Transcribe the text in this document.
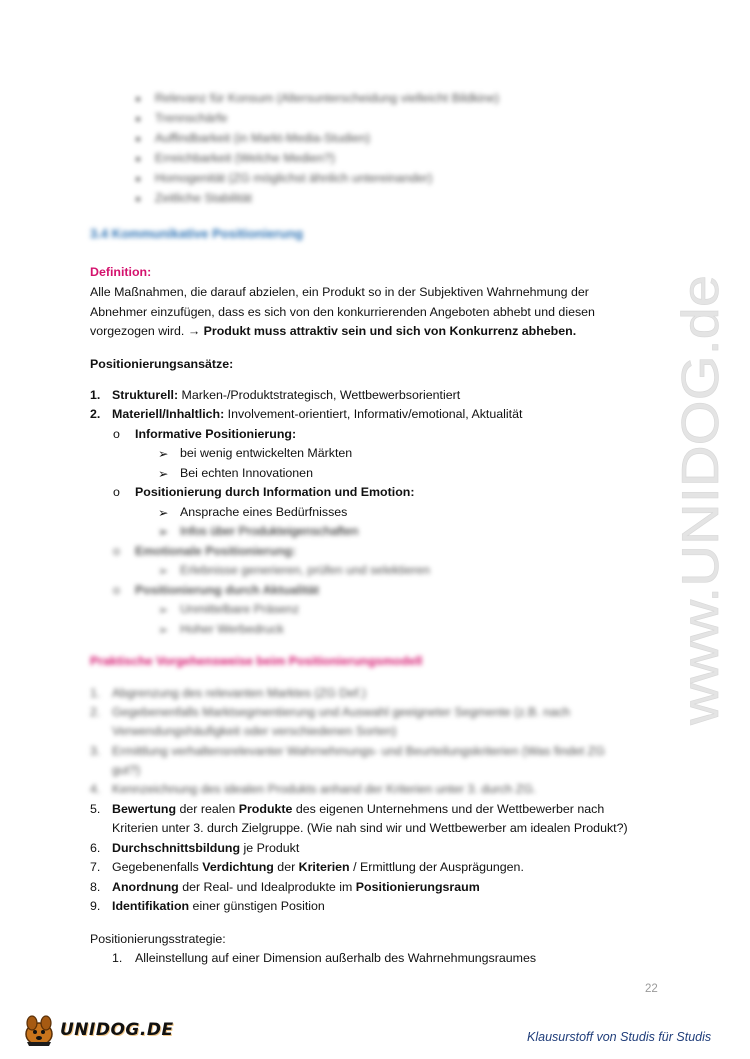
● Relevanz für Konsum (Altersunterscheidung vielleicht Bildkine)
● Trennschärfe
● Auffindbarkeit (in Markt-Media-Studien)
● Erreichbarkeit (Welche Medien?)
● Homogenität (ZG möglichst ähnlich untereinander)
● Zeitliche Stabilität
3.4 Kommunikative Positionierung
Definition:
Alle Maßnahmen, die darauf abzielen, ein Produkt so in der Subjektiven Wahrnehmung der
Abnehmer einzufügen, dass es sich von den konkurrierenden Angeboten abhebt und diesen
vorgezogen wird. → Produkt muss attraktiv sein und sich von Konkurrenz abheben.
Positionierungsansätze:
1. Strukturell: Marken-/Produktstrategisch, Wettbewerbsorientiert
2. Materiell/Inhaltlich: Involvement-orientiert, Informativ/emotional, Aktualität
o Informative Positionierung:
➢ bei wenig entwickelten Märkten
➢ Bei echten Innovationen
o Positionierung durch Information und Emotion:
➢ Ansprache eines Bedürfnisses
➢ Infos über Produkteigenschaften
o Emotionale Positionierung:
➢ Erlebnisse generieren, prüfen und selektieren
o Positionierung durch Aktualität
➢ Unmittelbare Präsenz
➢ Hoher Werbedruck
Praktische Vorgehensweise beim Positionierungsmodell
1. Abgrenzung des relevanten Marktes (ZG Def.)
2. Gegebenenfalls Marktsegmentierung und Auswahl geeigneter Segmente (z.B. nach
Verwendungshäufigkeit oder verschiedenen Sorten)
3. Ermittlung verhaltensrelevanter Wahrnehmungs- und Beurteilungskriterien (Was findet ZG
gut?)
4. Kennzeichnung des idealen Produkts anhand der Kriterien unter 3. durch ZG.
5. Bewertung der realen Produkte des eigenen Unternehmens und der Wettbewerber nach
Kriterien unter 3. durch Zielgruppe. (Wie nah sind wir und Wettbewerber am idealen Produkt?)
6. Durchschnittsbildung je Produkt
7. Gegebenenfalls Verdichtung der Kriterien / Ermittlung der Ausprägungen.
8. Anordnung der Real- und Idealprodukte im Positionierungsraum
9. Identifikation einer günstigen Position
Positionierungsstrategie:
1. Alleinstellung auf einer Dimension außerhalb des Wahrnehmungsraumes
22
www.UNIDOG.de
UNIDOG.DE	Klausurstoff von Studis für Studis
